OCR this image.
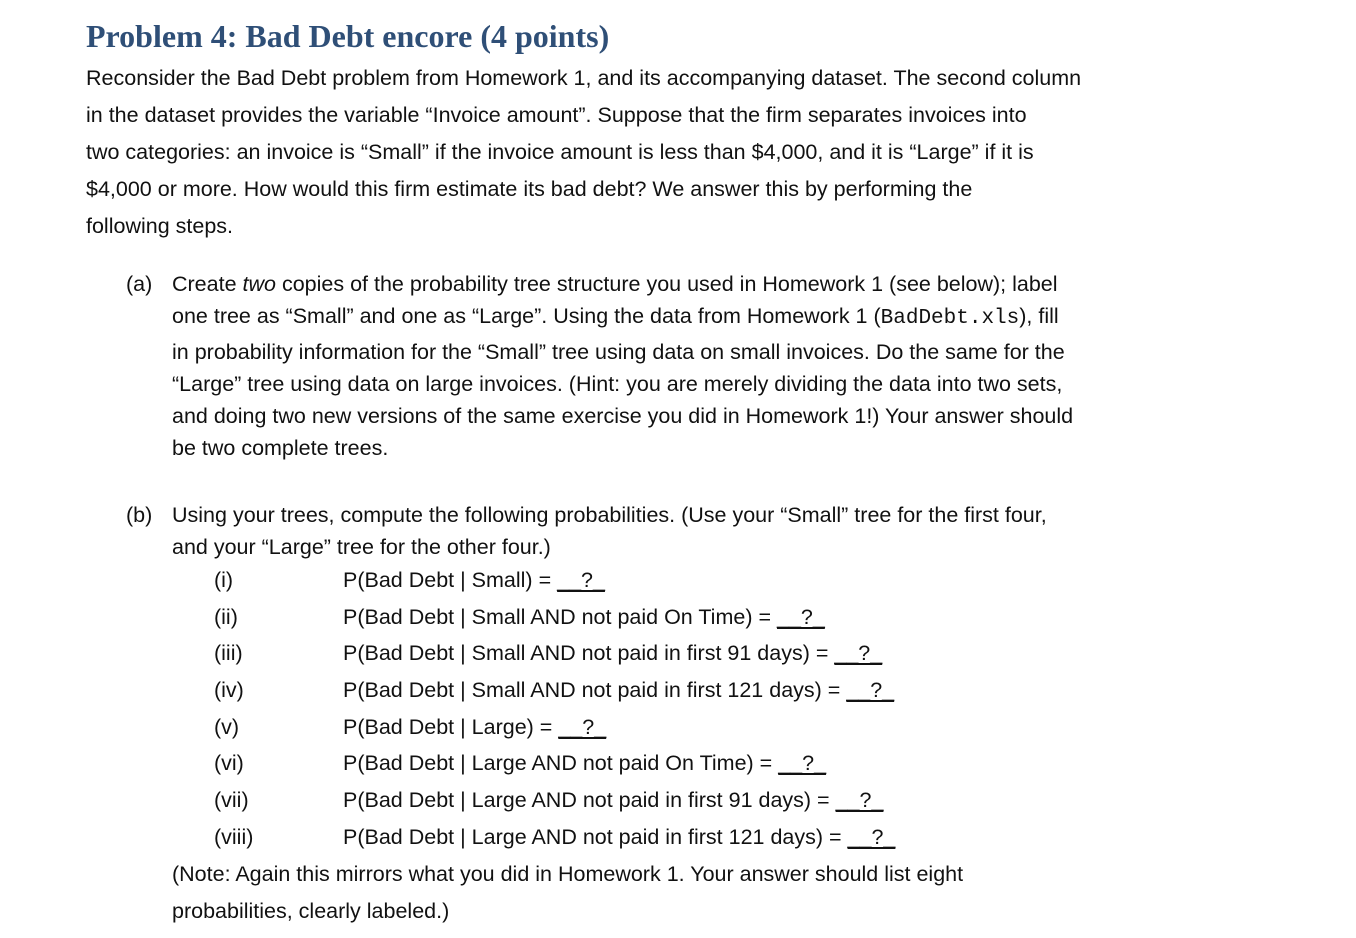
Problem 4: Bad Debt encore (4 points)
Reconsider the Bad Debt problem from Homework 1, and its accompanying dataset. The second column
in the dataset provides the variable “Invoice amount”. Suppose that the firm separates invoices into
two categories: an invoice is “Small” if the invoice amount is less than $4,000, and it is “Large” if it is
$4,000 or more. How would this firm estimate its bad debt? We answer this by performing the
following steps.
(a) Create two copies of the probability tree structure you used in Homework 1 (see below); label
one tree as “Small” and one as “Large”. Using the data from Homework 1 (BadDebt.xls), fill
in probability information for the “Small” tree using data on small invoices. Do the same for the
“Large” tree using data on large invoices. (Hint: you are merely dividing the data into two sets,
and doing two new versions of the same exercise you did in Homework 1!) Your answer should
be two complete trees.
(b) Using your trees, compute the following probabilities. (Use your “Small” tree for the first four,
and your “Large” tree for the other four.)
(i)	P(Bad Debt | Small) = __?_
(ii)	P(Bad Debt | Small AND not paid On Time) = __?_
(iii)	P(Bad Debt | Small AND not paid in first 91 days) = __?_
(iv)	P(Bad Debt | Small AND not paid in first 121 days) = __?_
(v)	P(Bad Debt | Large) = __?_
(vi)	P(Bad Debt | Large AND not paid On Time) = __?_
(vii)	P(Bad Debt | Large AND not paid in first 91 days) = __?_
(viii)	P(Bad Debt | Large AND not paid in first 121 days) = __?_
(Note: Again this mirrors what you did in Homework 1. Your answer should list eight
probabilities, clearly labeled.)
